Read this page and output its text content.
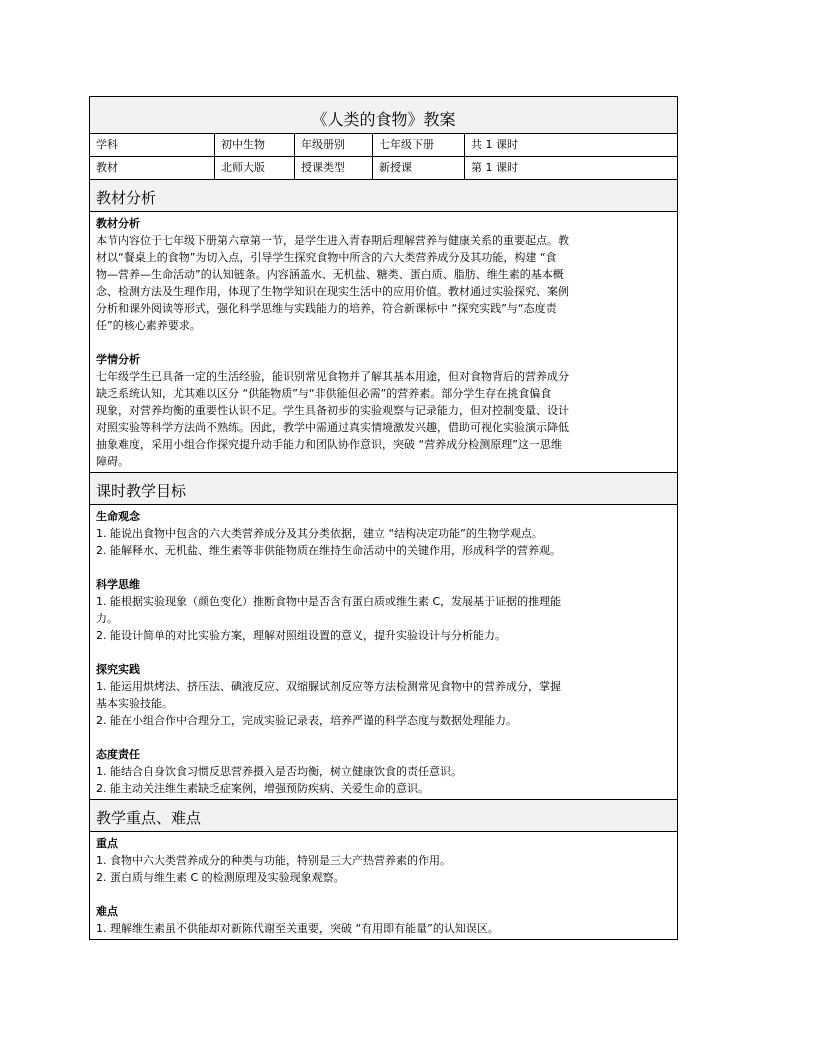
《人类的食物》教案
学科	初中生物	年级册别	七年级下册	共 1 课时
教材	北师大版	授课类型	新授课	第 1 课时
教材分析
教材分析
本节内容位于七年级下册第六章第一节，是学生进入青春期后理解营养与健康关系的重要起点。教
材以“餐桌上的食物”为切入点，引导学生探究食物中所含的六大类营养成分及其功能，构建 “食
物—营养—生命活动”的认知链条。内容涵盖水、无机盐、糖类、蛋白质、脂肪、维生素的基本概
念、检测方法及生理作用，体现了生物学知识在现实生活中的应用价值。教材通过实验探究、案例
分析和课外阅读等形式，强化科学思维与实践能力的培养，符合新课标中 “探究实践”与“态度责
任”的核心素养要求。
学情分析
七年级学生已具备一定的生活经验，能识别常见食物并了解其基本用途，但对食物背后的营养成分
缺乏系统认知，尤其难以区分 “供能物质”与“非供能但必需”的营养素。部分学生存在挑食偏食
现象，对营养均衡的重要性认识不足。学生具备初步的实验观察与记录能力，但对控制变量、设计
对照实验等科学方法尚不熟练。因此，教学中需通过真实情境激发兴趣，借助可视化实验演示降低
抽象难度，采用小组合作探究提升动手能力和团队协作意识，突破 “营养成分检测原理”这一思维
障碍。
课时教学目标
生命观念
1. 能说出食物中包含的六大类营养成分及其分类依据，建立 “结构决定功能”的生物学观点。
2. 能解释水、无机盐、维生素等非供能物质在维持生命活动中的关键作用，形成科学的营养观。
科学思维
1. 能根据实验现象（颜色变化）推断食物中是否含有蛋白质或维生素 C，发展基于证据的推理能
力。
2. 能设计简单的对比实验方案，理解对照组设置的意义，提升实验设计与分析能力。
探究实践
1. 能运用烘烤法、挤压法、碘液反应、双缩脲试剂反应等方法检测常见食物中的营养成分，掌握
基本实验技能。
2. 能在小组合作中合理分工，完成实验记录表，培养严谨的科学态度与数据处理能力。
态度责任
1. 能结合自身饮食习惯反思营养摄入是否均衡，树立健康饮食的责任意识。
2. 能主动关注维生素缺乏症案例，增强预防疾病、关爱生命的意识。
教学重点、难点
重点
1. 食物中六大类营养成分的种类与功能，特别是三大产热营养素的作用。
2. 蛋白质与维生素 C 的检测原理及实验现象观察。
难点
1. 理解维生素虽不供能却对新陈代谢至关重要，突破 “有用即有能量”的认知误区。
